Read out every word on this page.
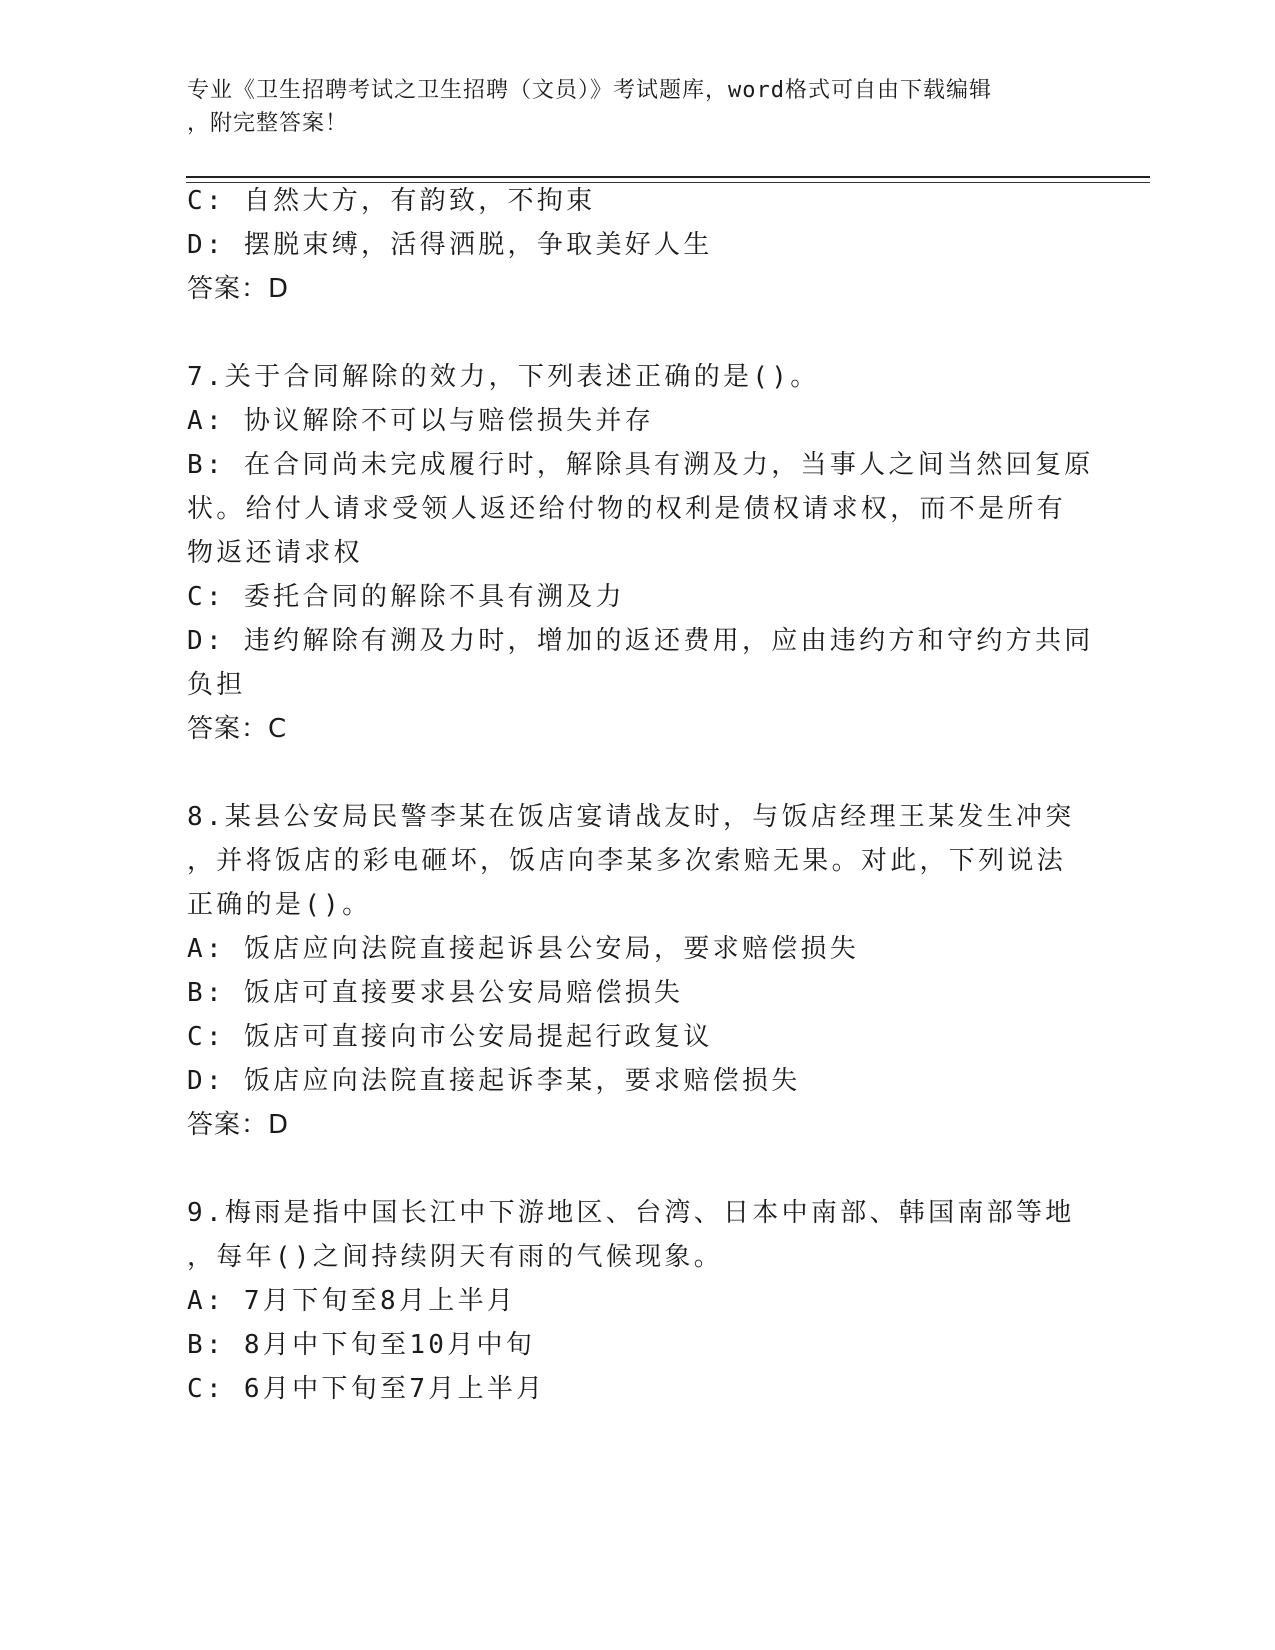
专业《卫生招聘考试之卫生招聘（文员）》考试题库，word格式可自由下载编辑
，附完整答案！
C: 自然大方，有韵致，不拘束
D: 摆脱束缚，活得洒脱，争取美好人生
答案：D
7.关于合同解除的效力，下列表述正确的是()。
A: 协议解除不可以与赔偿损失并存
B: 在合同尚未完成履行时，解除具有溯及力，当事人之间当然回复原
状。给付人请求受领人返还给付物的权利是债权请求权，而不是所有
物返还请求权
C: 委托合同的解除不具有溯及力
D: 违约解除有溯及力时，增加的返还费用，应由违约方和守约方共同
负担
答案：C
8.某县公安局民警李某在饭店宴请战友时，与饭店经理王某发生冲突
，并将饭店的彩电砸坏，饭店向李某多次索赔无果。对此，下列说法
正确的是()。
A: 饭店应向法院直接起诉县公安局，要求赔偿损失
B: 饭店可直接要求县公安局赔偿损失
C: 饭店可直接向市公安局提起行政复议
D: 饭店应向法院直接起诉李某，要求赔偿损失
答案：D
9.梅雨是指中国长江中下游地区、台湾、日本中南部、韩国南部等地
，每年()之间持续阴天有雨的气候现象。
A: 7月下旬至8月上半月
B: 8月中下旬至10月中旬
C: 6月中下旬至7月上半月
